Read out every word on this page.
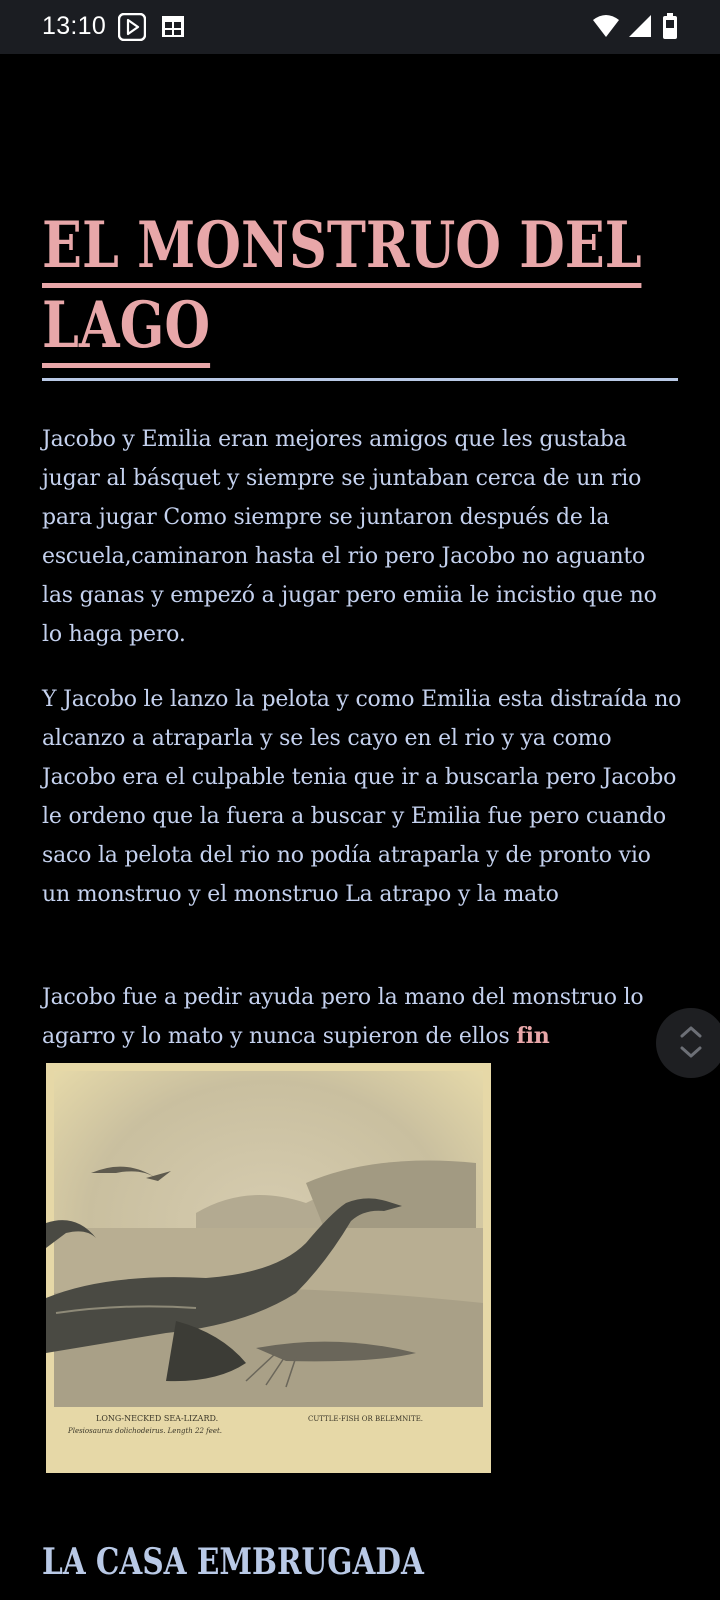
13:10
EL MONSTRUO DEL LAGO

Jacobo y Emilia eran mejores amigos que les gustaba jugar al básquet y siempre se juntaban cerca de un rio para jugar Como siempre se juntaron después de la escuela,caminaron hasta el rio pero Jacobo no aguanto las ganas y empezó a jugar pero emiia le incistio que no lo haga pero.

Y Jacobo le lanzo la pelota y como Emilia esta distraída no alcanzo a atraparla y se les cayo en el rio y ya como Jacobo era el culpable tenia que ir a buscarla pero Jacobo le ordeno que la fuera a buscar y Emilia fue pero cuando saco la pelota del rio no podía atraparla y de pronto vio un monstruo y el monstruo La atrapo y la mato

Jacobo fue a pedir ayuda pero la mano del monstruo lo agarro y lo mato y nunca supieron de ellos fin

LONG-NECKED SEA-LIZARD.
Plesiosaurus dolichodeirus. Length 22 feet.
CUTTLE-FISH OR BELEMNITE.
LA CASA EMBRUGADA
